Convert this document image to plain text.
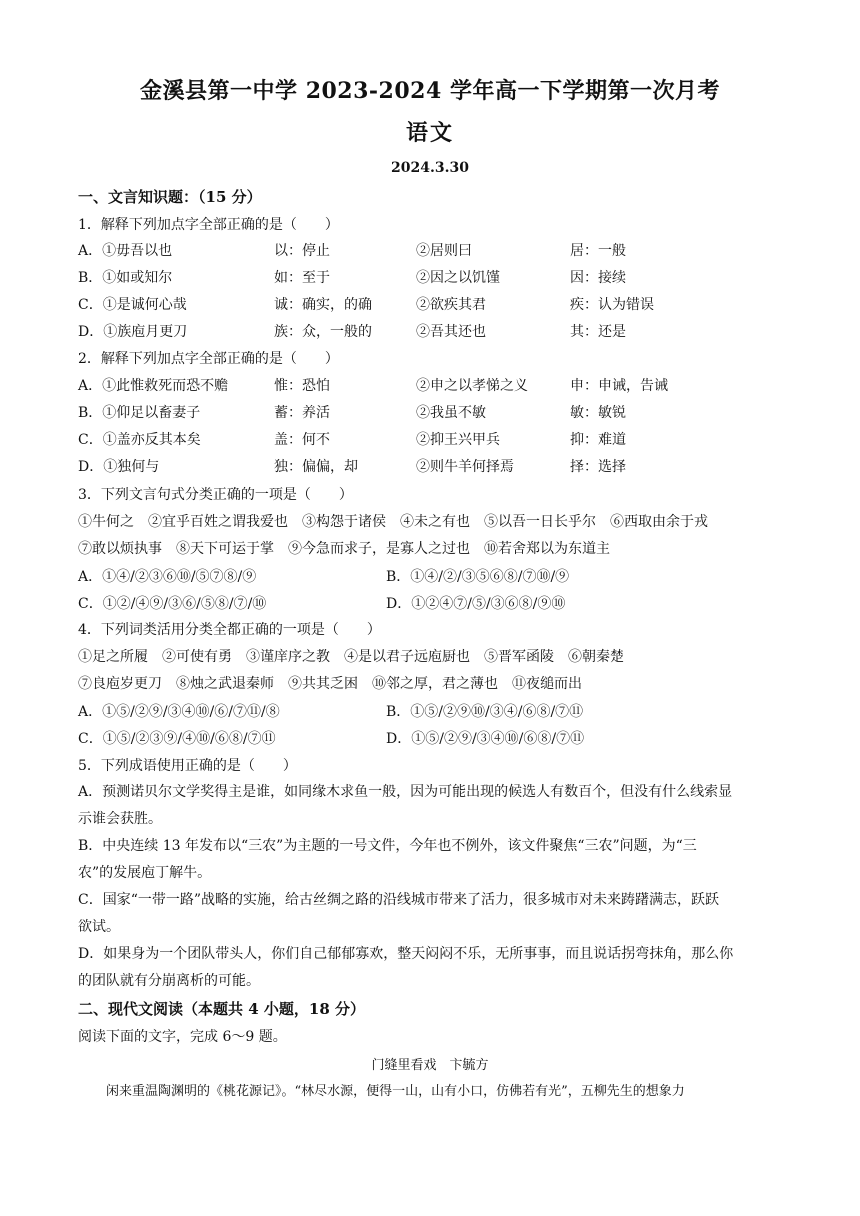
金溪县第一中学 2023-2024 学年高一下学期第一次月考
语文
2024.3.30
一、文言知识题：（15 分）
1．解释下列加点字全部正确的是（　　）
A．①毋吾以也	以：停止	②居则曰	居：一般
B．①如或知尔	如：至于	②因之以饥馑	因：接续
C．①是诚何心哉	诚：确实，的确	②欲疾其君	疾：认为错误
D．①族庖月更刀	族：众，一般的	②吾其还也	其：还是
2．解释下列加点字全部正确的是（　　）
A．①此惟救死而恐不赡	惟：恐怕	②申之以孝悌之义	申：申诫，告诫
B．①仰足以畜妻子	蓄：养活	②我虽不敏	敏：敏锐
C．①盖亦反其本矣	盖：何不	②抑王兴甲兵	抑：难道
D．①独何与	独：偏偏，却	②则牛羊何择焉	择：选择
3．下列文言句式分类正确的一项是（　　）
①牛何之　②宜乎百姓之谓我爱也　③构怨于诸侯　④未之有也　⑤以吾一日长乎尔　⑥西取由余于戎
⑦敢以烦执事　⑧天下可运于掌　⑨今急而求子，是寡人之过也　⑩若舍郑以为东道主
A．①④/②③⑥⑩/⑤⑦⑧/⑨	B．①④/②/③⑤⑥⑧/⑦⑩/⑨
C．①②/④⑨/③⑥/⑤⑧/⑦/⑩	D．①②④⑦/⑤/③⑥⑧/⑨⑩
4．下列词类活用分类全都正确的一项是（　　）
①足之所履　②可使有勇　③谨庠序之教　④是以君子远庖厨也　⑤晋军函陵　⑥朝秦楚
⑦良庖岁更刀　⑧烛之武退秦师　⑨共其乏困　⑩邻之厚，君之薄也　⑪夜缒而出
A．①⑤/②⑨/③④⑩/⑥/⑦⑪/⑧	B．①⑤/②⑨⑩/③④/⑥⑧/⑦⑪
C．①⑤/②③⑨/④⑩/⑥⑧/⑦⑪	D．①⑤/②⑨/③④⑩/⑥⑧/⑦⑪
5．下列成语使用正确的是（　　）
A．预测诺贝尔文学奖得主是谁，如同缘木求鱼一般，因为可能出现的候选人有数百个，但没有什么线索显
示谁会获胜。
B．中央连续 13 年发布以“三农”为主题的一号文件，今年也不例外，该文件聚焦“三农”问题，为“三
农”的发展庖丁解牛。
C．国家“一带一路”战略的实施，给古丝绸之路的沿线城市带来了活力，很多城市对未来踌躇满志，跃跃
欲试。
D．如果身为一个团队带头人，你们自己郁郁寡欢，整天闷闷不乐，无所事事，而且说话拐弯抹角，那么你
的团队就有分崩离析的可能。
二、现代文阅读（本题共 4 小题，18 分）
阅读下面的文字，完成 6～9 题。
门缝里看戏　卞毓方
闲来重温陶渊明的《桃花源记》。“林尽水源，便得一山，山有小口，仿佛若有光”，五柳先生的想象力
